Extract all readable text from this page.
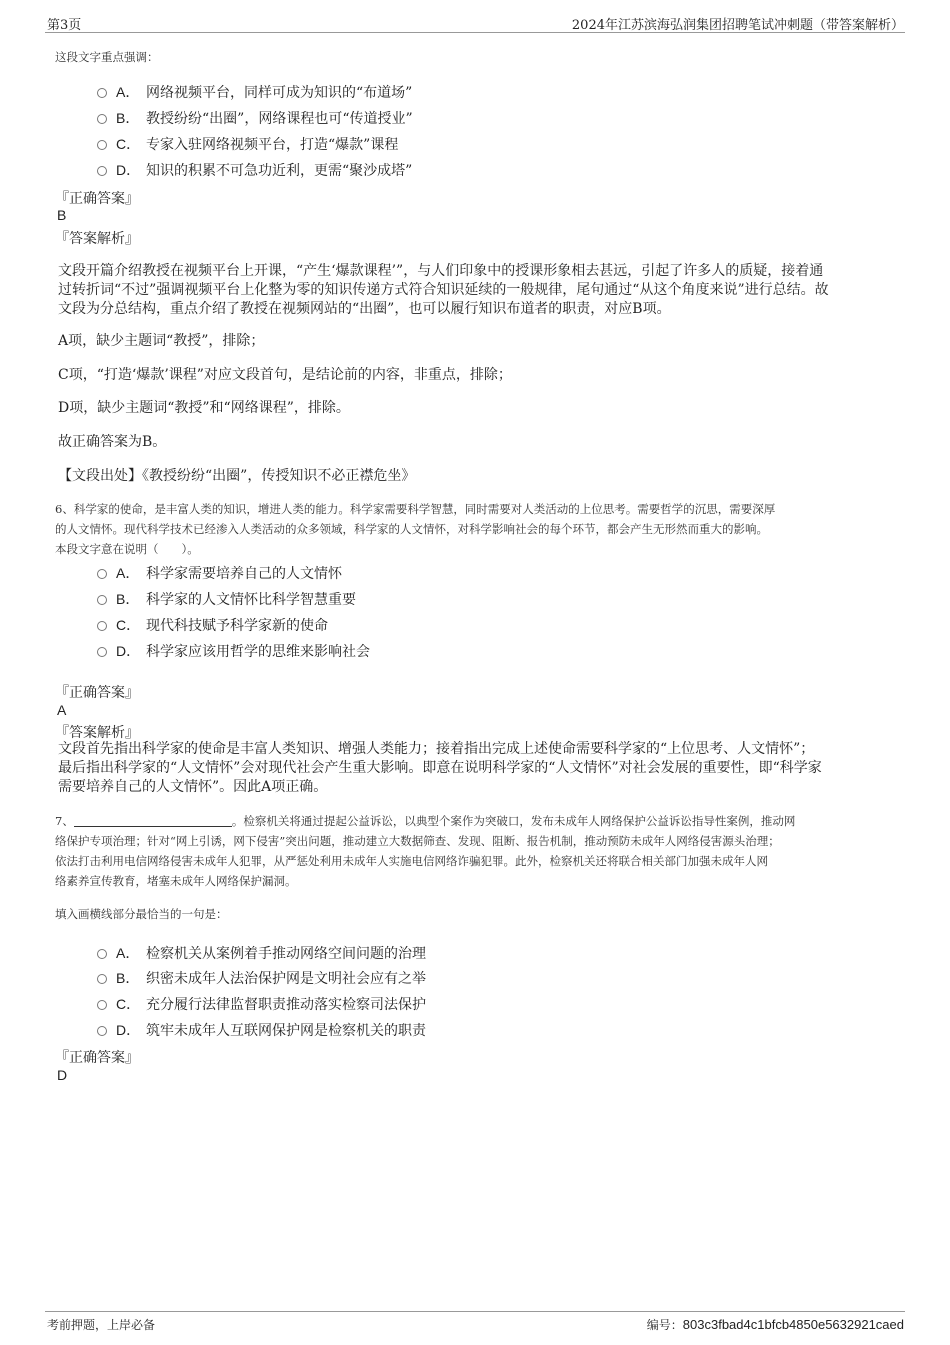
第3页	2024年江苏滨海弘润集团招聘笔试冲刺题（带答案解析）
这段文字重点强调：
A． 网络视频平台，同样可成为知识的“布道场”
B． 教授纷纷“出圈”，网络课程也可“传道授业”
C． 专家入驻网络视频平台，打造“爆款”课程
D． 知识的积累不可急功近利，更需“聚沙成塔”
『正确答案』
B
『答案解析』
文段开篇介绍教授在视频平台上开课，“产生‘爆款课程’”，与人们印象中的授课形象相去甚远，引起了许多人的质疑，接着通
过转折词“不过”强调视频平台上化整为零的知识传递方式符合知识延续的一般规律，尾句通过“从这个角度来说”进行总结。故
文段为分总结构，重点介绍了教授在视频网站的“出圈”，也可以履行知识布道者的职责，对应B项。
A项，缺少主题词“教授”，排除；
C项，“打造‘爆款’课程”对应文段首句，是结论前的内容，非重点，排除；
D项，缺少主题词“教授”和“网络课程”，排除。
故正确答案为B。
【文段出处】《教授纷纷“出圈”，传授知识不必正襟危坐》
6、科学家的使命，是丰富人类的知识，增进人类的能力。科学家需要科学智慧，同时需要对人类活动的上位思考。需要哲学的沉思，需要深厚
的人文情怀。现代科学技术已经渗入人类活动的众多领域，科学家的人文情怀，对科学影响社会的每个环节，都会产生无形然而重大的影响。
本段文字意在说明（　　）。
A． 科学家需要培养自己的人文情怀
B． 科学家的人文情怀比科学智慧重要
C． 现代科技赋予科学家新的使命
D． 科学家应该用哲学的思维来影响社会
『正确答案』
A
『答案解析』
文段首先指出科学家的使命是丰富人类知识、增强人类能力；接着指出完成上述使命需要科学家的“上位思考、人文情怀”；
最后指出科学家的“人文情怀”会对现代社会产生重大影响。即意在说明科学家的“人文情怀”对社会发展的重要性，即“科学家
需要培养自己的人文情怀”。因此A项正确。
7、	。检察机关将通过提起公益诉讼，以典型个案作为突破口，发布未成年人网络保护公益诉讼指导性案例，推动网
络保护专项治理；针对“网上引诱，网下侵害”突出问题，推动建立大数据筛查、发现、阻断、报告机制，推动预防未成年人网络侵害源头治理；
依法打击利用电信网络侵害未成年人犯罪，从严惩处利用未成年人实施电信网络诈骗犯罪。此外，检察机关还将联合相关部门加强未成年人网
络素养宣传教育，堵塞未成年人网络保护漏洞。
填入画横线部分最恰当的一句是：
A． 检察机关从案例着手推动网络空间问题的治理
B． 织密未成年人法治保护网是文明社会应有之举
C． 充分履行法律监督职责推动落实检察司法保护
D． 筑牢未成年人互联网保护网是检察机关的职责
『正确答案』
D
考前押题，上岸必备	编号：803c3fbad4c1bfcb4850e5632921caed
